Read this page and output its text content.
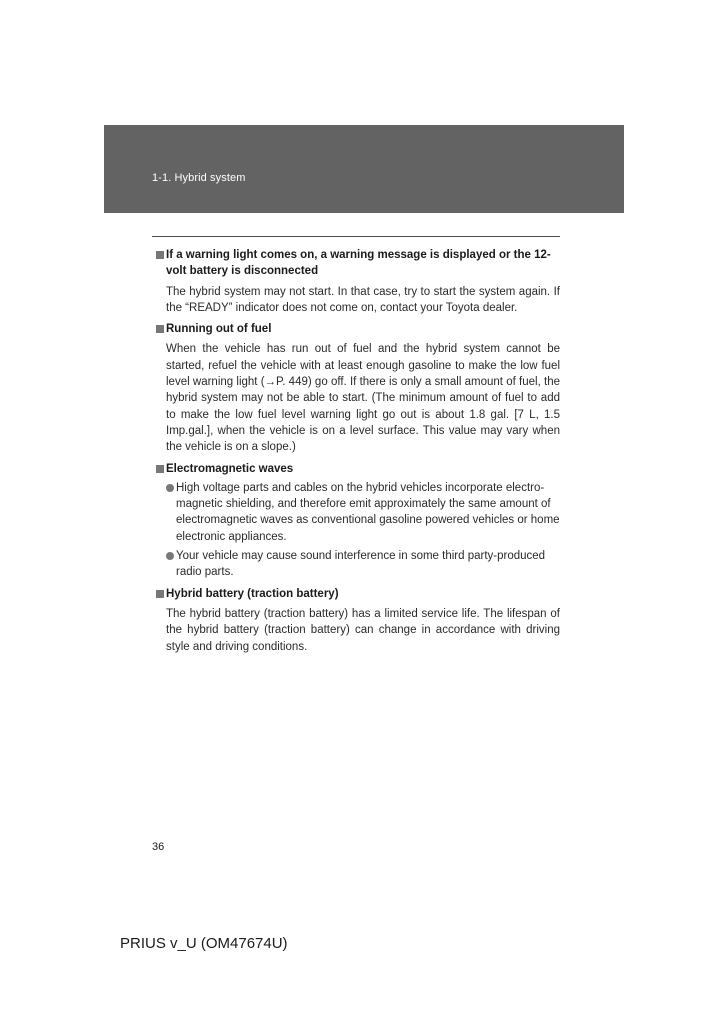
1-1. Hybrid system
If a warning light comes on, a warning message is displayed or the 12-volt battery is disconnected
The hybrid system may not start. In that case, try to start the system again. If the “READY” indicator does not come on, contact your Toyota dealer.
Running out of fuel
When the vehicle has run out of fuel and the hybrid system cannot be started, refuel the vehicle with at least enough gasoline to make the low fuel level warning light (→P. 449) go off. If there is only a small amount of fuel, the hybrid system may not be able to start. (The minimum amount of fuel to add to make the low fuel level warning light go out is about 1.8 gal. [7 L, 1.5 Imp.gal.], when the vehicle is on a level surface. This value may vary when the vehicle is on a slope.)
Electromagnetic waves
High voltage parts and cables on the hybrid vehicles incorporate electro-magnetic shielding, and therefore emit approximately the same amount of electromagnetic waves as conventional gasoline powered vehicles or home electronic appliances.
Your vehicle may cause sound interference in some third party-produced radio parts.
Hybrid battery (traction battery)
The hybrid battery (traction battery) has a limited service life. The lifespan of the hybrid battery (traction battery) can change in accordance with driving style and driving conditions.
36
PRIUS v_U (OM47674U)
